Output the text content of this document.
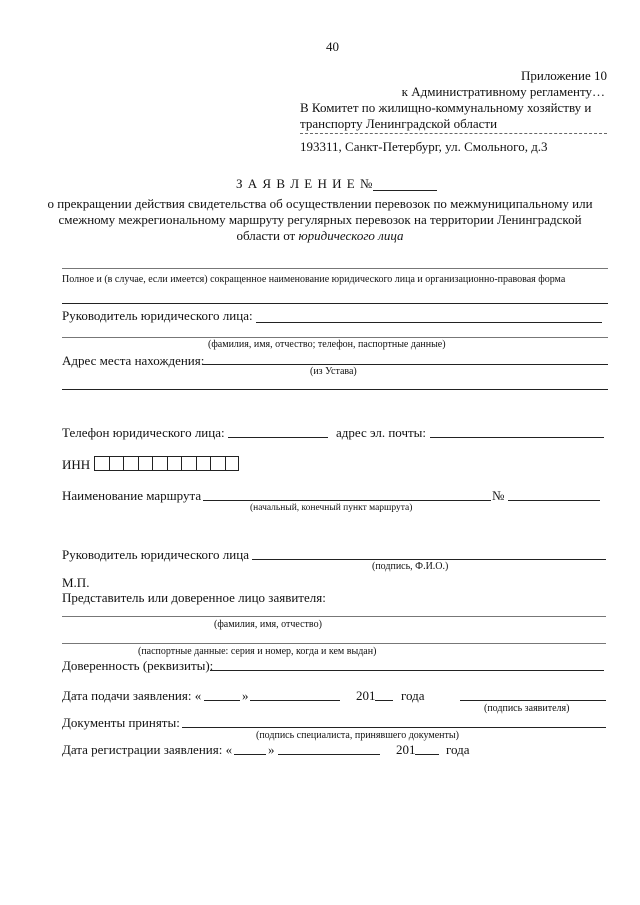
40
Приложение 10
к Административному регламенту…
В Комитет по жилищно-коммунальному хозяйству и
транспорту Ленинградской области
193311, Санкт-Петербург, ул. Смольного, д.3
З А Я В Л Е Н И Е №
о прекращении действия свидетельства об осуществлении перевозок по межмуниципальному или
смежному межрегиональному маршруту регулярных перевозок на территории Ленинградской
области от юридического лица
Полное и (в случае, если имеется) сокращенное наименование юридического лица и организационно-правовая форма
Руководитель юридического лица:
(фамилия, имя, отчество; телефон, паспортные данные)
Адрес места нахождения:
(из Устава)
Телефон юридического лица:	адрес эл. почты:
ИНН
Наименование маршрута	№
(начальный, конечный пункт маршрута)
Руководитель юридического лица
(подпись, Ф.И.О.)
М.П.
Представитель или доверенное лицо заявителя:
(фамилия, имя, отчество)
(паспортные данные: серия и номер, когда и кем выдан)
Доверенность (реквизиты):
Дата подачи заявления: «	»	201 года
(подпись заявителя)
Документы приняты:
(подпись специалиста, принявшего документы)
Дата регистрации заявления: «	»	201 года
